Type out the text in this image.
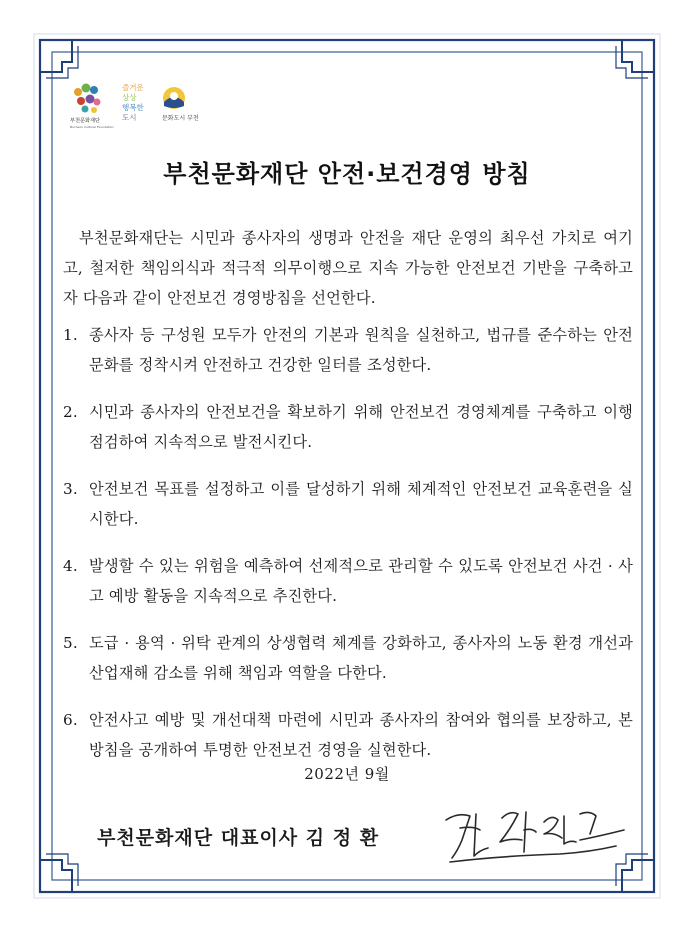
부천문화재단
Bucheon Cultural Foundation
즐거운
상상
행복한
도시	문화도시 부천
부천문화재단 안전·보건경영 방침

부천문화재단는 시민과 종사자의 생명과 안전을 재단 운영의 최우선 가치로 여기고, 철저한 책임의식과 적극적 의무이행으로 지속 가능한 안전보건 기반을 구축하고자 다음과 같이 안전보건 경영방침을 선언한다.

1. 종사자 등 구성원 모두가 안전의 기본과 원칙을 실천하고, 법규를 준수하는 안전문화를 정착시켜 안전하고 건강한 일터를 조성한다.
2. 시민과 종사자의 안전보건을 확보하기 위해 안전보건 경영체계를 구축하고 이행 점검하여 지속적으로 발전시킨다.
3. 안전보건 목표를 설정하고 이를 달성하기 위해 체계적인 안전보건 교육훈련을 실시한다.
4. 발생할 수 있는 위험을 예측하여 선제적으로 관리할 수 있도록 안전보건 사건 · 사고 예방 활동을 지속적으로 추진한다.
5. 도급 · 용역 · 위탁 관계의 상생협력 체계를 강화하고, 종사자의 노동 환경 개선과 산업재해 감소를 위해 책임과 역할을 다한다.
6. 안전사고 예방 및 개선대책 마련에 시민과 종사자의 참여와 협의를 보장하고, 본 방침을 공개하여 투명한 안전보건 경영을 실현한다.
2022년 9월
부천문화재단 대표이사 김 정 환
